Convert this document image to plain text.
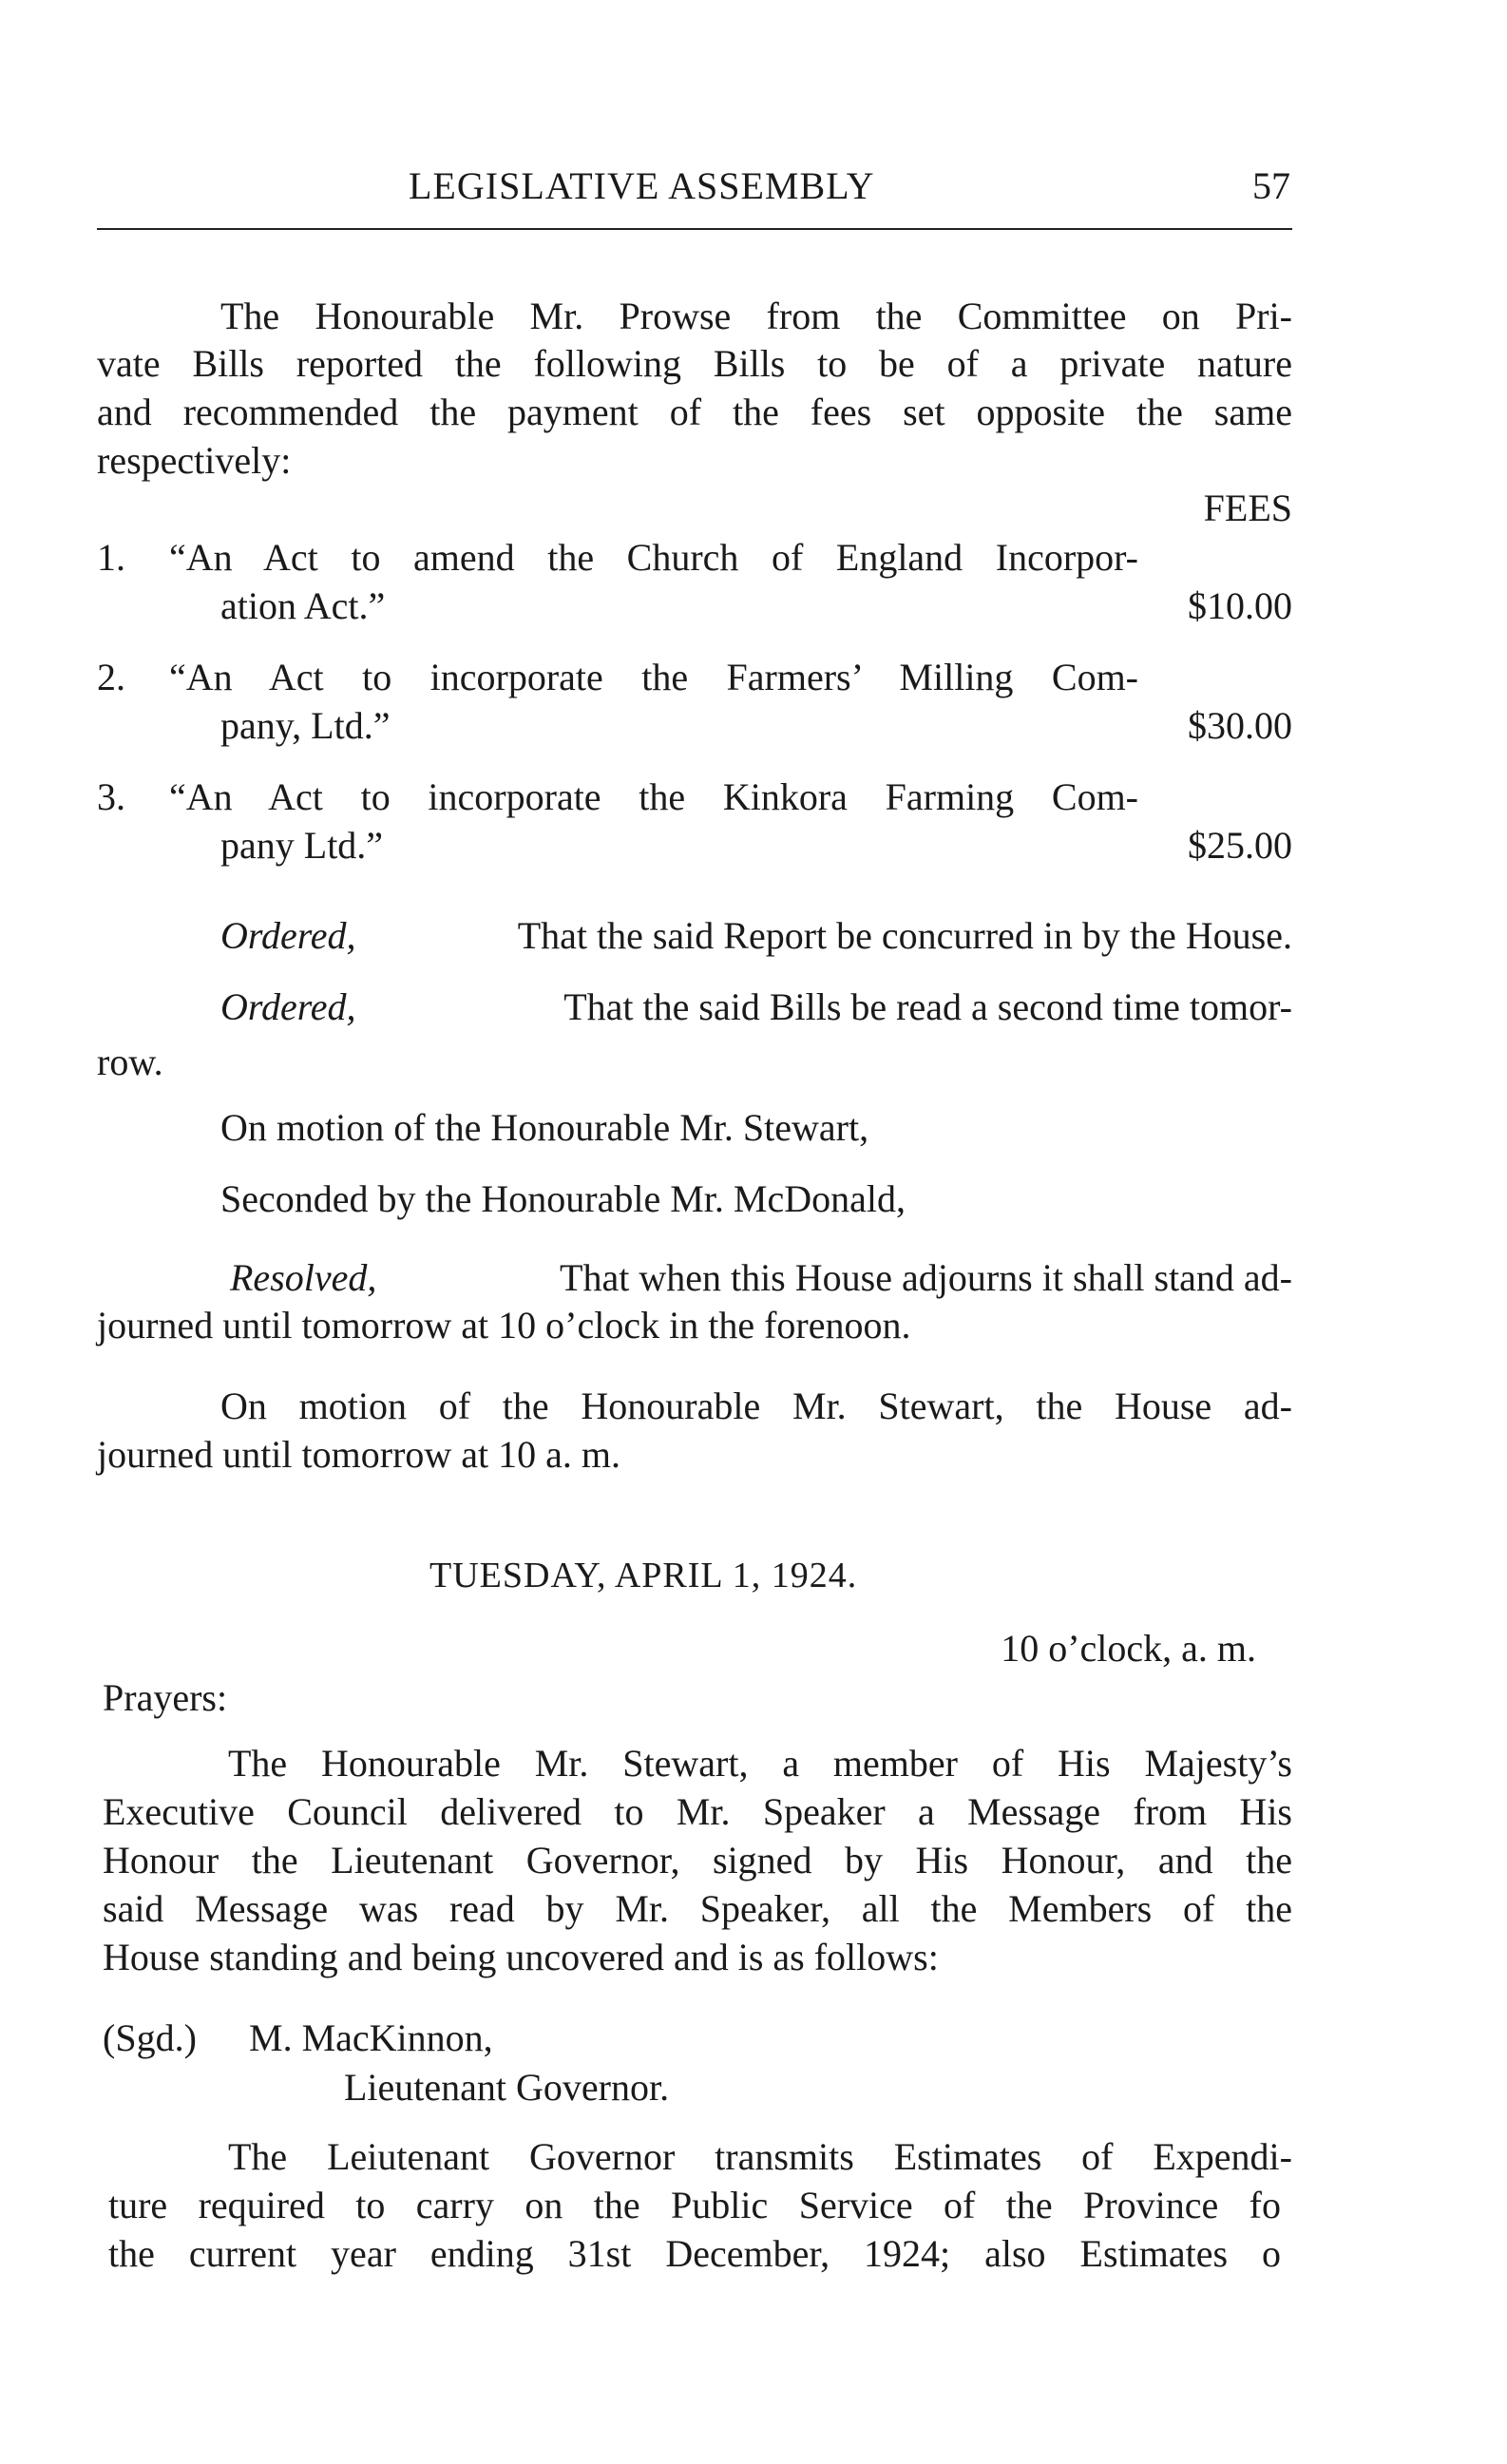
LEGISLATIVE ASSEMBLY	57
The Honourable Mr. Prowse from the Committee on Pri-
vate Bills reported the following Bills to be of a private nature
and recommended the payment of the fees set opposite the same
respectively:
FEES
1. “An Act to amend the Church of England Incorpor-
ation Act.”	$10.00
2. “An Act to incorporate the Farmers’ Milling Com-
pany, Ltd.”	$30.00
3. “An Act to incorporate the Kinkora Farming Com-
pany Ltd.”	$25.00
Ordered,	That the said Report be concurred in by the House.
Ordered,	That the said Bills be read a second time tomor-
row.
On motion of the Honourable Mr. Stewart,
Seconded by the Honourable Mr. McDonald,
Resolved,	That when this House adjourns it shall stand ad-
journed until tomorrow at 10 o’clock in the forenoon.
On motion of the Honourable Mr. Stewart, the House ad-
journed until tomorrow at 10 a. m.
TUESDAY, APRIL 1, 1924.
10 o’clock, a. m.
Prayers:
The Honourable Mr. Stewart, a member of His Majesty’s
Executive Council delivered to Mr. Speaker a Message from His
Honour the Lieutenant Governor, signed by His Honour, and the
said Message was read by Mr. Speaker, all the Members of the
House standing and being uncovered and is as follows:
(Sgd.) M. MacKinnon,
Lieutenant Governor.
The Leiutenant Governor transmits Estimates of Expendi-
ture required to carry on the Public Service of the Province fo
the current year ending 31st December, 1924; also Estimates o
